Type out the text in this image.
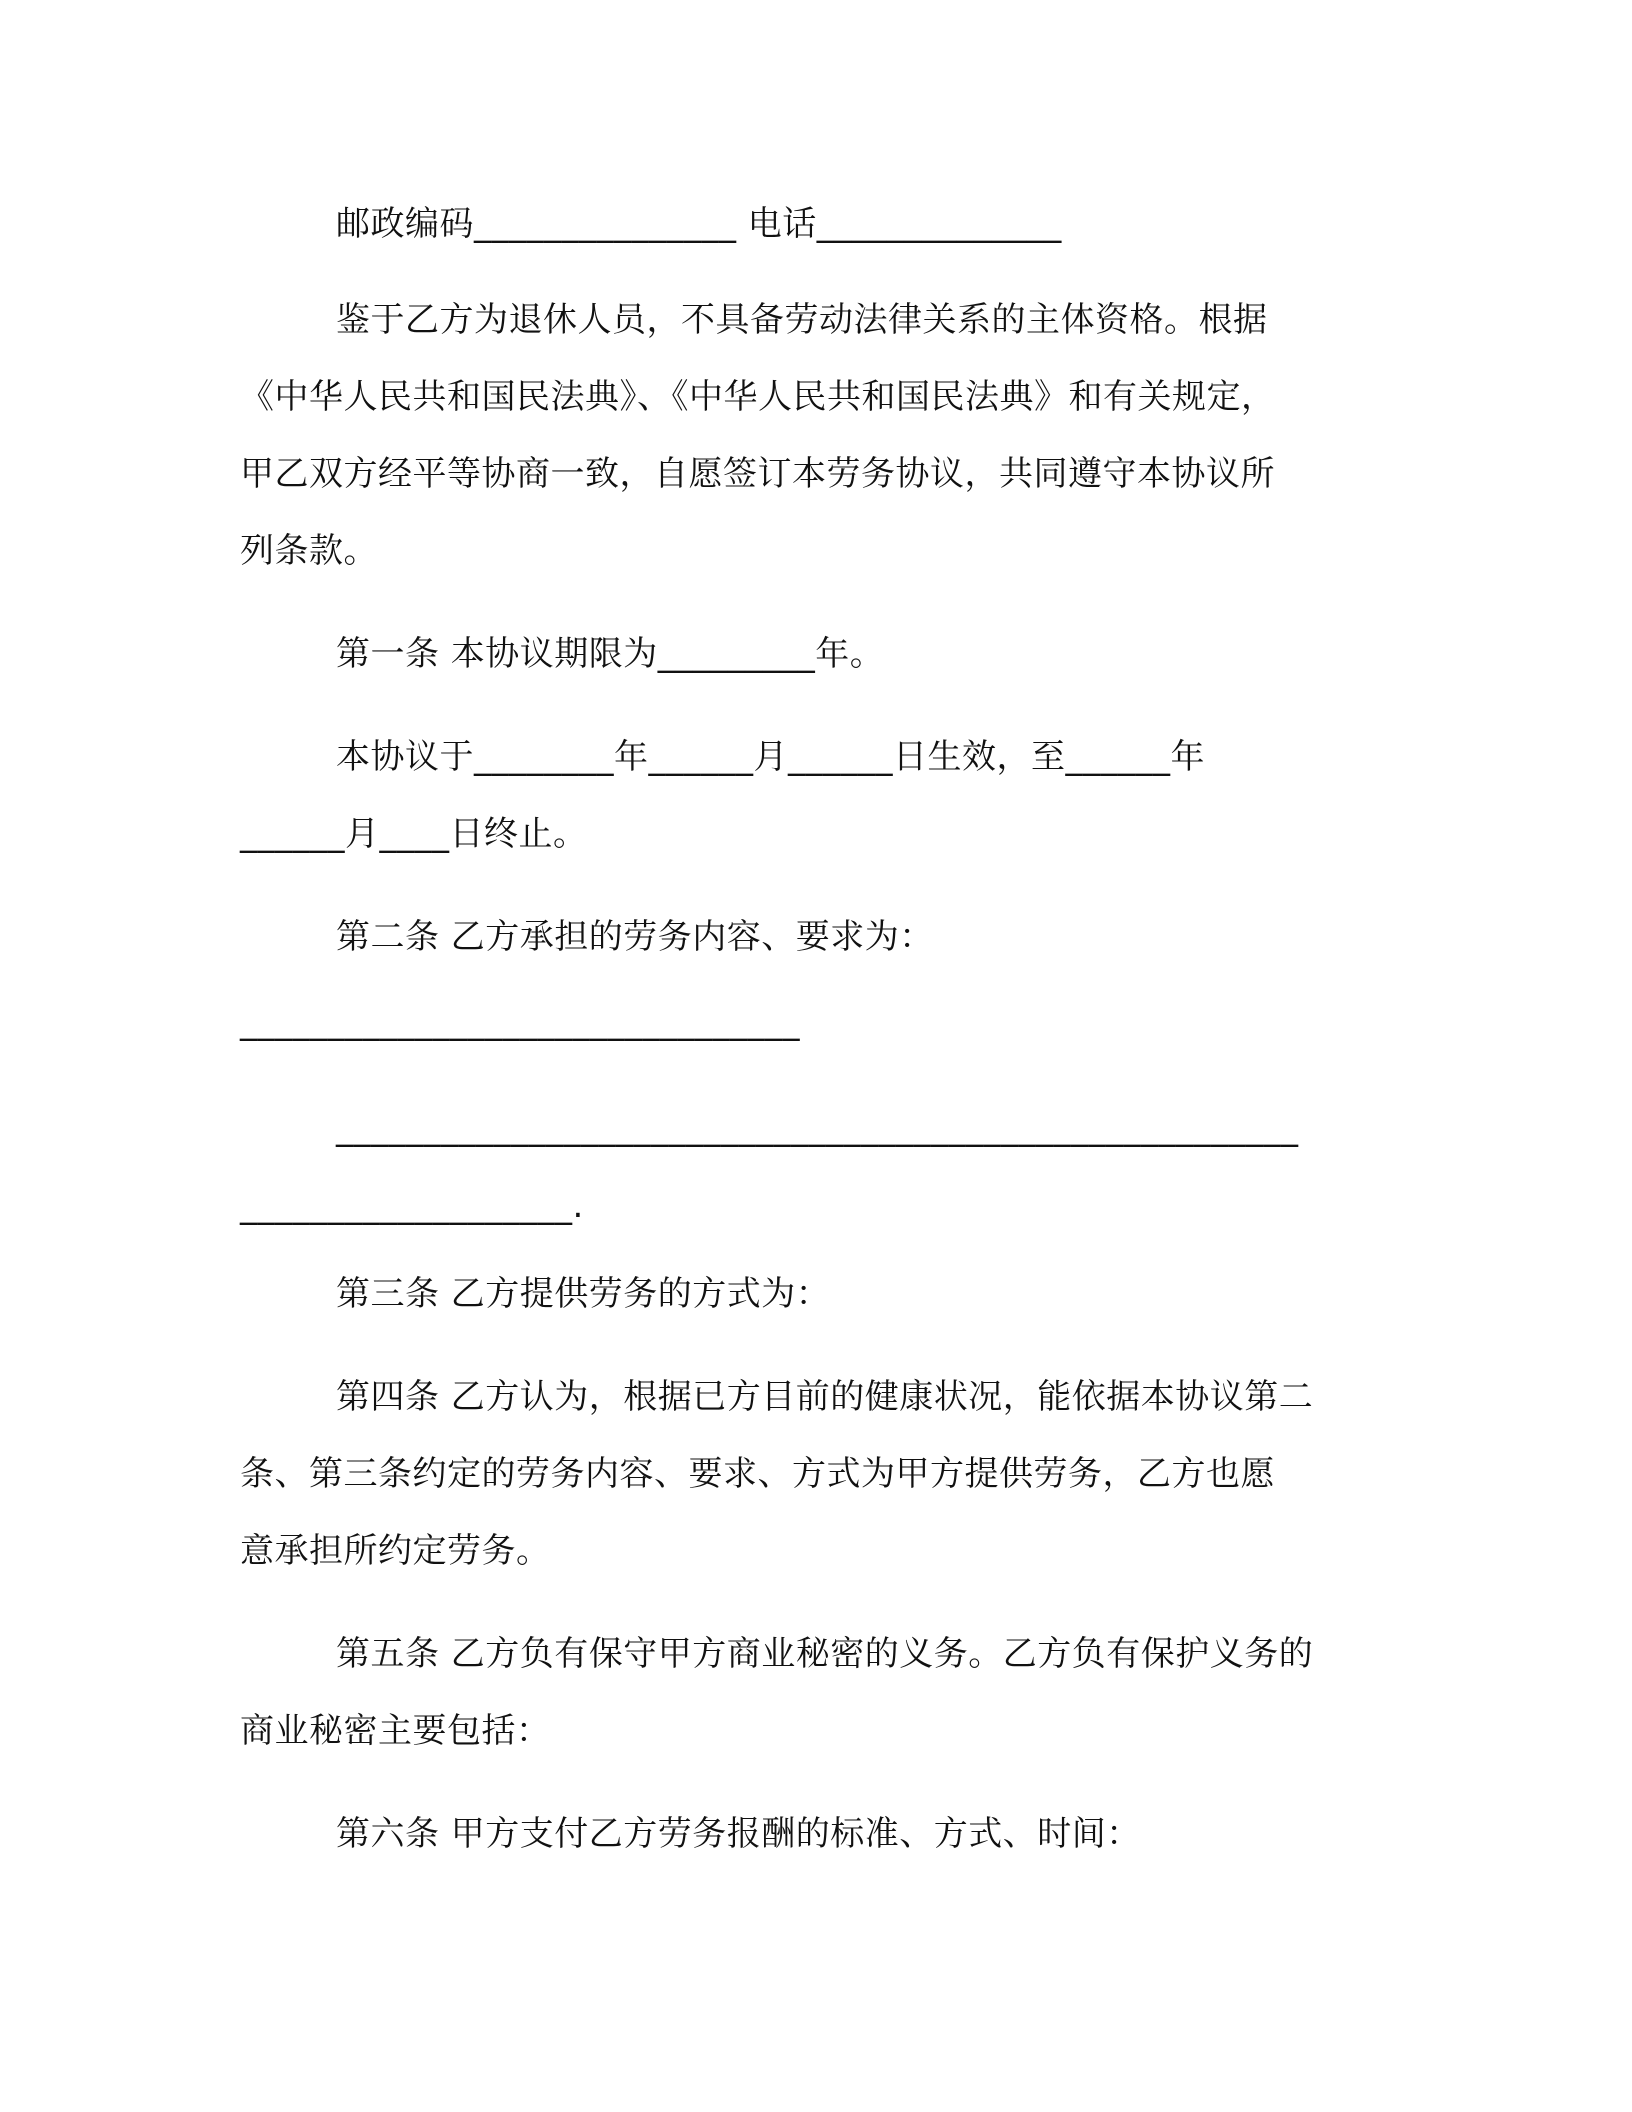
邮政编码_______________ 电话______________
鉴于乙方为退休人员，不具备劳动法律关系的主体资格。根据
《中华人民共和国民法典》、《中华人民共和国民法典》和有关规定，
甲乙双方经平等协商一致，自愿签订本劳务协议，共同遵守本协议所
列条款。
第一条 本协议期限为_________年。
本协议于________年______月______日生效，至______年
______月____日终止。
第二条 乙方承担的劳务内容、要求为：
________________________________
_______________________________________________________
___________________.
第三条 乙方提供劳务的方式为：
第四条 乙方认为，根据已方目前的健康状况，能依据本协议第二
条、第三条约定的劳务内容、要求、方式为甲方提供劳务，乙方也愿
意承担所约定劳务。
第五条 乙方负有保守甲方商业秘密的义务。乙方负有保护义务的
商业秘密主要包括：
第六条 甲方支付乙方劳务报酬的标准、方式、时间：
